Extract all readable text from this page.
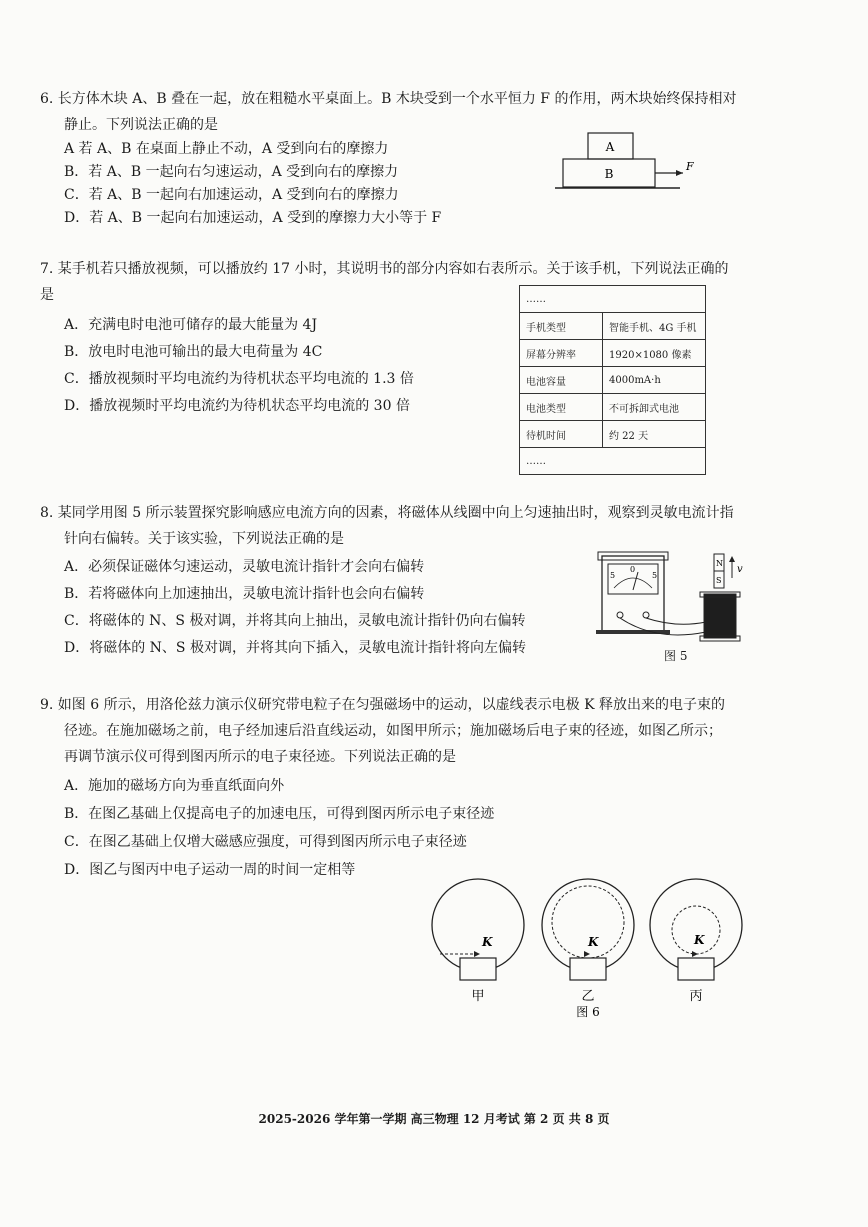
6. 长方体木块 A、B 叠在一起，放在粗糙水平桌面上。B 木块受到一个水平恒力 F 的作用，两木块始终保持相对

静止。下列说法正确的是

A 若 A、B 在桌面上静止不动，A 受到向右的摩擦力

B．若 A、B 一起向右匀速运动，A 受到向右的摩擦力

C．若 A、B 一起向右加速运动，A 受到向右的摩擦力

D．若 A、B 一起向右加速运动，A 受到的摩擦力大小等于 F

A
B
F

7. 某手机若只播放视频，可以播放约 17 小时，其说明书的部分内容如右表所示。关于该手机，下列说法正确的

是

A．充满电时电池可储存的最大能量为 4J

B．放电时电池可输出的最大电荷量为 4C

C．播放视频时平均电流约为待机状态平均电流的 1.3 倍

D．播放视频时平均电流约为待机状态平均电流的 30 倍

……	
手机类型	智能手机、4G 手机
屏幕分辨率	1920×1080 像素
电池容量	4000mA·h
电池类型	不可拆卸式电池
待机时间	约 22 天
……	

8. 某同学用图 5 所示装置探究影响感应电流方向的因素，将磁体从线圈中向上匀速抽出时，观察到灵敏电流计指

针向右偏转。关于该实验，下列说法正确的是

A．必须保证磁体匀速运动，灵敏电流计指针才会向右偏转

B．若将磁体向上加速抽出，灵敏电流计指针也会向右偏转

C．将磁体的 N、S 极对调，并将其向上抽出，灵敏电流计指针仍向右偏转

D．将磁体的 N、S 极对调，并将其向下插入，灵敏电流计指针将向左偏转

5
0
5
N
S
v
图 5

9. 如图 6 所示，用洛伦兹力演示仪研究带电粒子在匀强磁场中的运动，以虚线表示电极 K 释放出来的电子束的

径迹。在施加磁场之前，电子经加速后沿直线运动，如图甲所示；施加磁场后电子束的径迹，如图乙所示；

再调节演示仪可得到图丙所示的电子束径迹。下列说法正确的是

A．施加的磁场方向为垂直纸面向外

B．在图乙基础上仅提高电子的加速电压，可得到图丙所示电子束径迹

C．在图乙基础上仅增大磁感应强度，可得到图丙所示电子束径迹

D．图乙与图丙中电子运动一周的时间一定相等

K
甲
K
乙
K
丙
图 6
2025-2026 学年第一学期 高三物理 12 月考试 第 2 页 共 8 页
